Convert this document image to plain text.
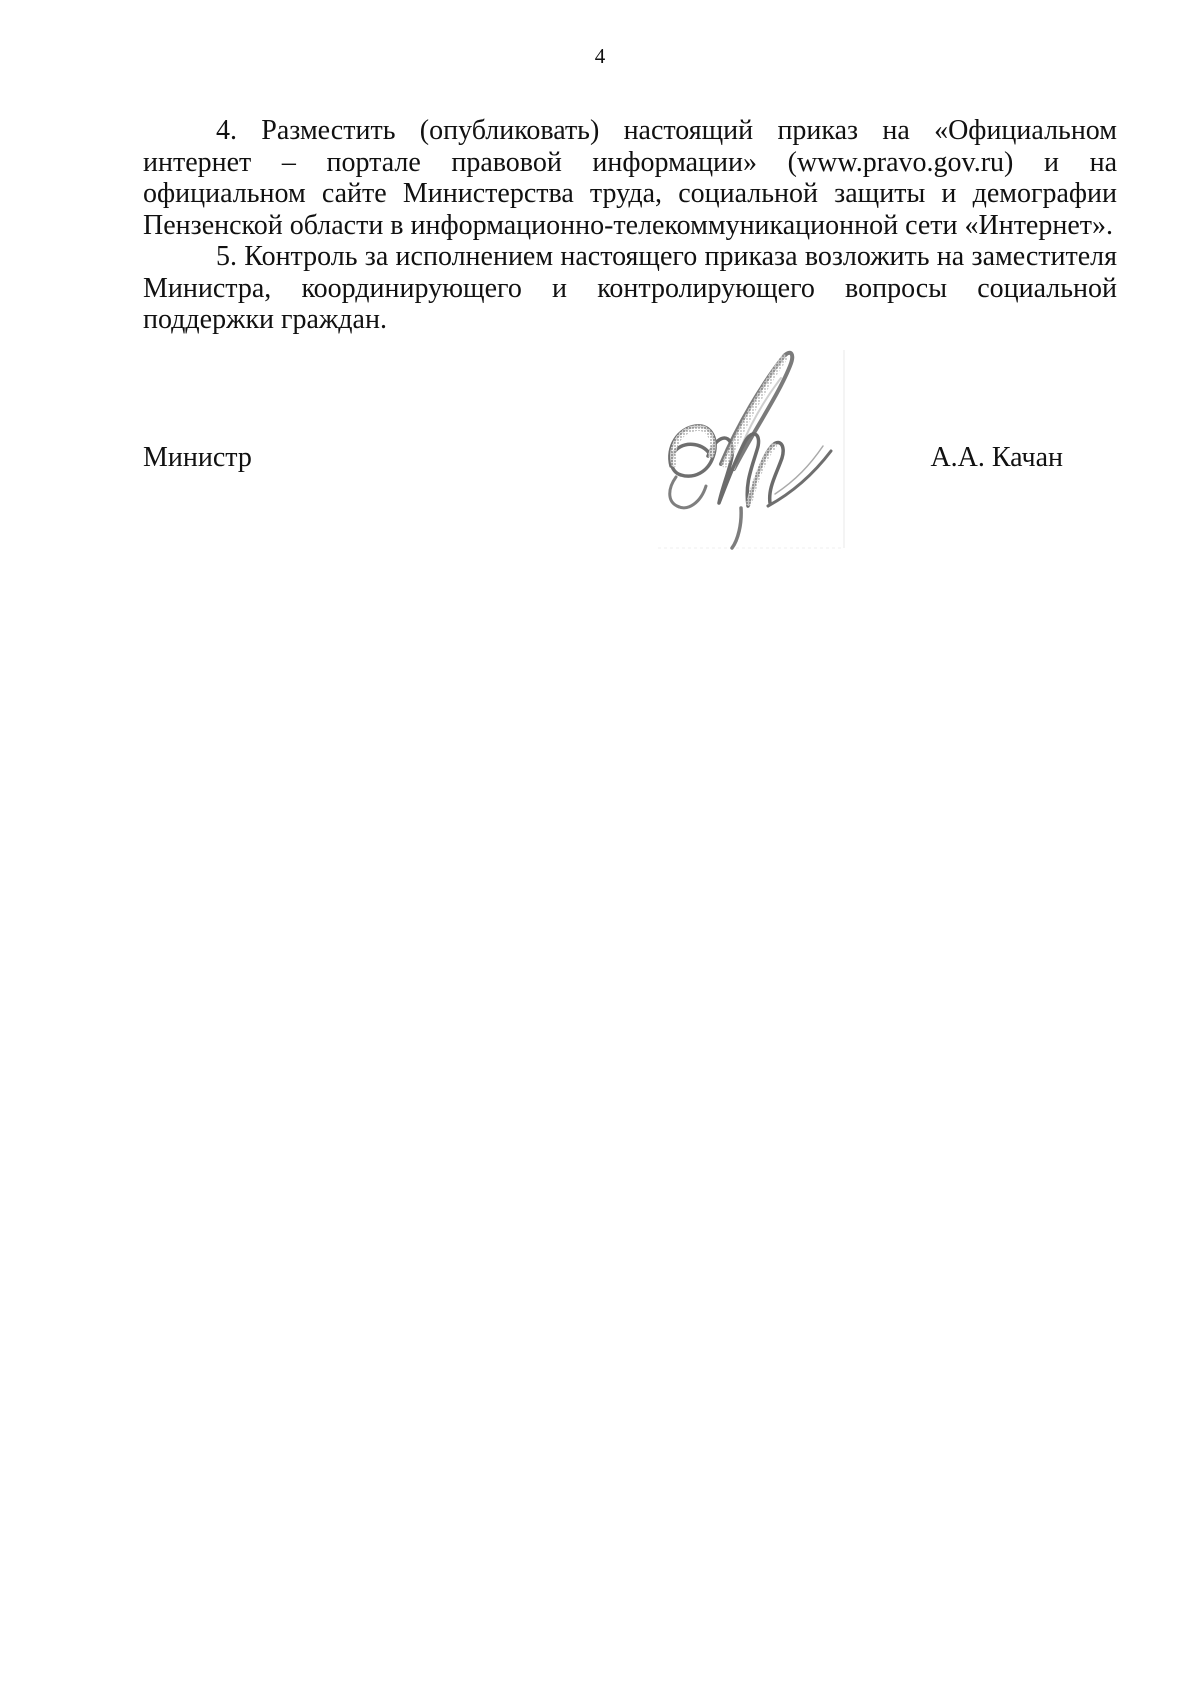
4

4. Разместить (опубликовать) настоящий приказ на «Официальном интернет – портале правовой информации» (www.pravo.gov.ru) и на официальном сайте Министерства труда, социальной защиты и демографии Пензенской области в информационно-телекоммуникационной сети «Интернет».

5. Контроль за исполнением настоящего приказа возложить на заместителя Министра, координирующего и контролирующего вопросы социальной поддержки граждан.

Министр	А.А. Качан
